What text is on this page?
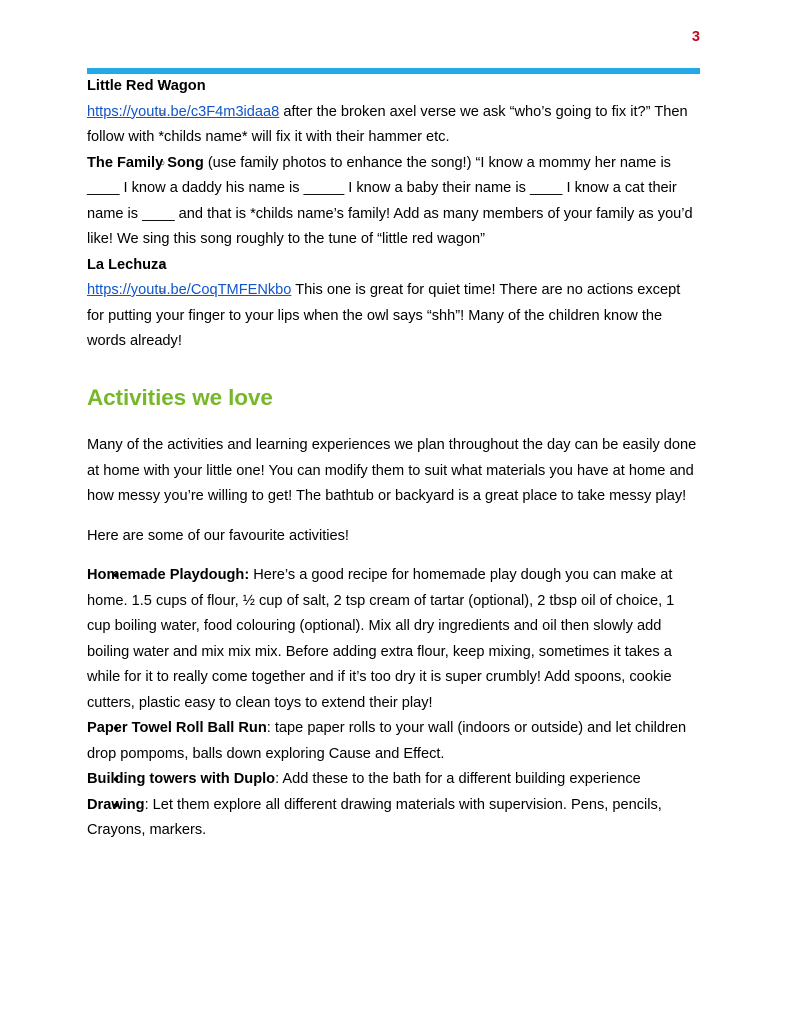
3
○ Little Red Wagon
○ https://youtu.be/c3F4m3idaa8 after the broken axel verse we ask “who’s going to fix it?” Then follow with *childs name* will fix it with their hammer etc.
○ The Family Song (use family photos to enhance the song!) “I know a mommy her name is ____ I know a daddy his name is _____ I know a baby their name is ____ I know a cat their name is ____ and that is *childs name’s family! Add as many members of your family as you’d like! We sing this song roughly to the tune of “little red wagon”
○ La Lechuza
○ https://youtu.be/CoqTMFENkbo This one is great for quiet time! There are no actions except for putting your finger to your lips when the owl says “shh”! Many of the children know the words already!
Activities we love

Many of the activities and learning experiences we plan throughout the day can be easily done at home with your little one! You can modify them to suit what materials you have at home and how messy you’re willing to get! The bathtub or backyard is a great place to take messy play!

Here are some of our favourite activities!

● Homemade Playdough: Here’s a good recipe for homemade play dough you can make at home. 1.5 cups of flour, ½ cup of salt, 2 tsp cream of tartar (optional), 2 tbsp oil of choice, 1 cup boiling water, food colouring (optional). Mix all dry ingredients and oil then slowly add boiling water and mix mix mix. Before adding extra flour, keep mixing, sometimes it takes a while for it to really come together and if it’s too dry it is super crumbly! Add spoons, cookie cutters, plastic easy to clean toys to extend their play!
● Paper Towel Roll Ball Run: tape paper rolls to your wall (indoors or outside) and let children drop pompoms, balls down exploring Cause and Effect.
● Building towers with Duplo: Add these to the bath for a different building experience
● Drawing: Let them explore all different drawing materials with supervision. Pens, pencils, Crayons, markers.
